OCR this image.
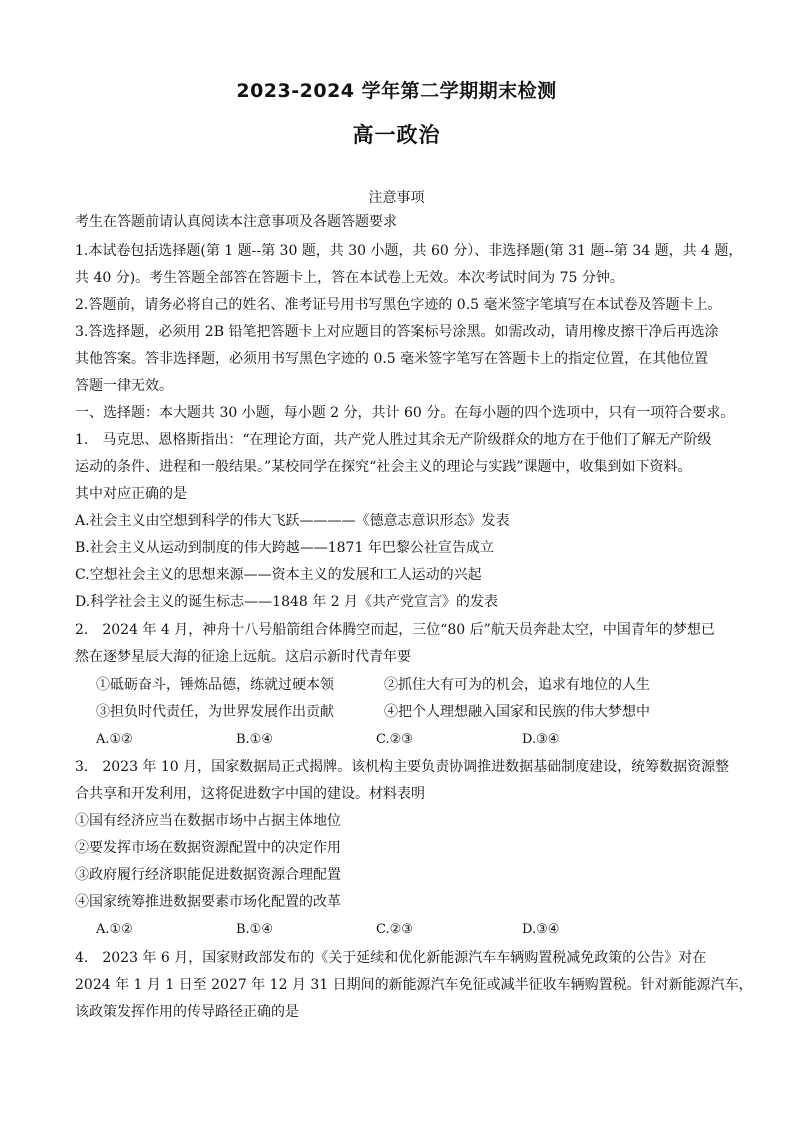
2023-2024 学年第二学期期末检测
高一政治
注意事项
考生在答题前请认真阅读本注意事项及各题答题要求
1.本试卷包括选择题(第 1 题--第 30 题，共 30 小题，共 60 分）、非选择题(第 31 题--第 34 题，共 4 题，
共 40 分)。考生答题全部答在答题卡上，答在本试卷上无效。本次考试时间为 75 分钟。
2.答题前，请务必将自己的姓名、准考证号用书写黑色字迹的 0.5 毫米签字笔填写在本试卷及答题卡上。
3.答选择题，必须用 2B 铅笔把答题卡上对应题目的答案标号涂黑。如需改动，请用橡皮擦干净后再选涂
其他答案。答非选择题，必须用书写黑色字迹的 0.5 毫米签字笔写在答题卡上的指定位置，在其他位置
答题一律无效。
一、选择题：本大题共 30 小题，每小题 2 分，共计 60 分。在每小题的四个选项中，只有一项符合要求。
1.　马克思、恩格斯指出：“在理论方面，共产党人胜过其余无产阶级群众的地方在于他们了解无产阶级
运动的条件、进程和一般结果。”某校同学在探究“社会主义的理论与实践”课题中，收集到如下资料。
其中对应正确的是
A.社会主义由空想到科学的伟大飞跃————《德意志意识形态》发表
B.社会主义从运动到制度的伟大跨越——1871 年巴黎公社宣告成立
C.空想社会主义的思想来源——资本主义的发展和工人运动的兴起
D.科学社会主义的诞生标志——1848 年 2 月《共产党宣言》的发表
2.　2024 年 4 月，神舟十八号船箭组合体腾空而起，三位“80 后”航天员奔赴太空，中国青年的梦想已
然在逐梦星辰大海的征途上远航。这启示新时代青年要
①砥砺奋斗，锤炼品德，练就过硬本领	②抓住大有可为的机会，追求有地位的人生
③担负时代责任，为世界发展作出贡献	④把个人理想融入国家和民族的伟大梦想中
A.①②	B.①④	C.②③	D.③④
3.　2023 年 10 月，国家数据局正式揭牌。该机构主要负责协调推进数据基础制度建设，统筹数据资源整
合共享和开发利用，这将促进数字中国的建设。材料表明
①国有经济应当在数据市场中占据主体地位
②要发挥市场在数据资源配置中的决定作用
③政府履行经济职能促进数据资源合理配置
④国家统筹推进数据要素市场化配置的改革
A.①②	B.①④	C.②③	D.③④
4.　2023 年 6 月，国家财政部发布的《关于延续和优化新能源汽车车辆购置税减免政策的公告》对在
2024 年 1 月 1 日至 2027 年 12 月 31 日期间的新能源汽车免征或减半征收车辆购置税。针对新能源汽车，
该政策发挥作用的传导路径正确的是
